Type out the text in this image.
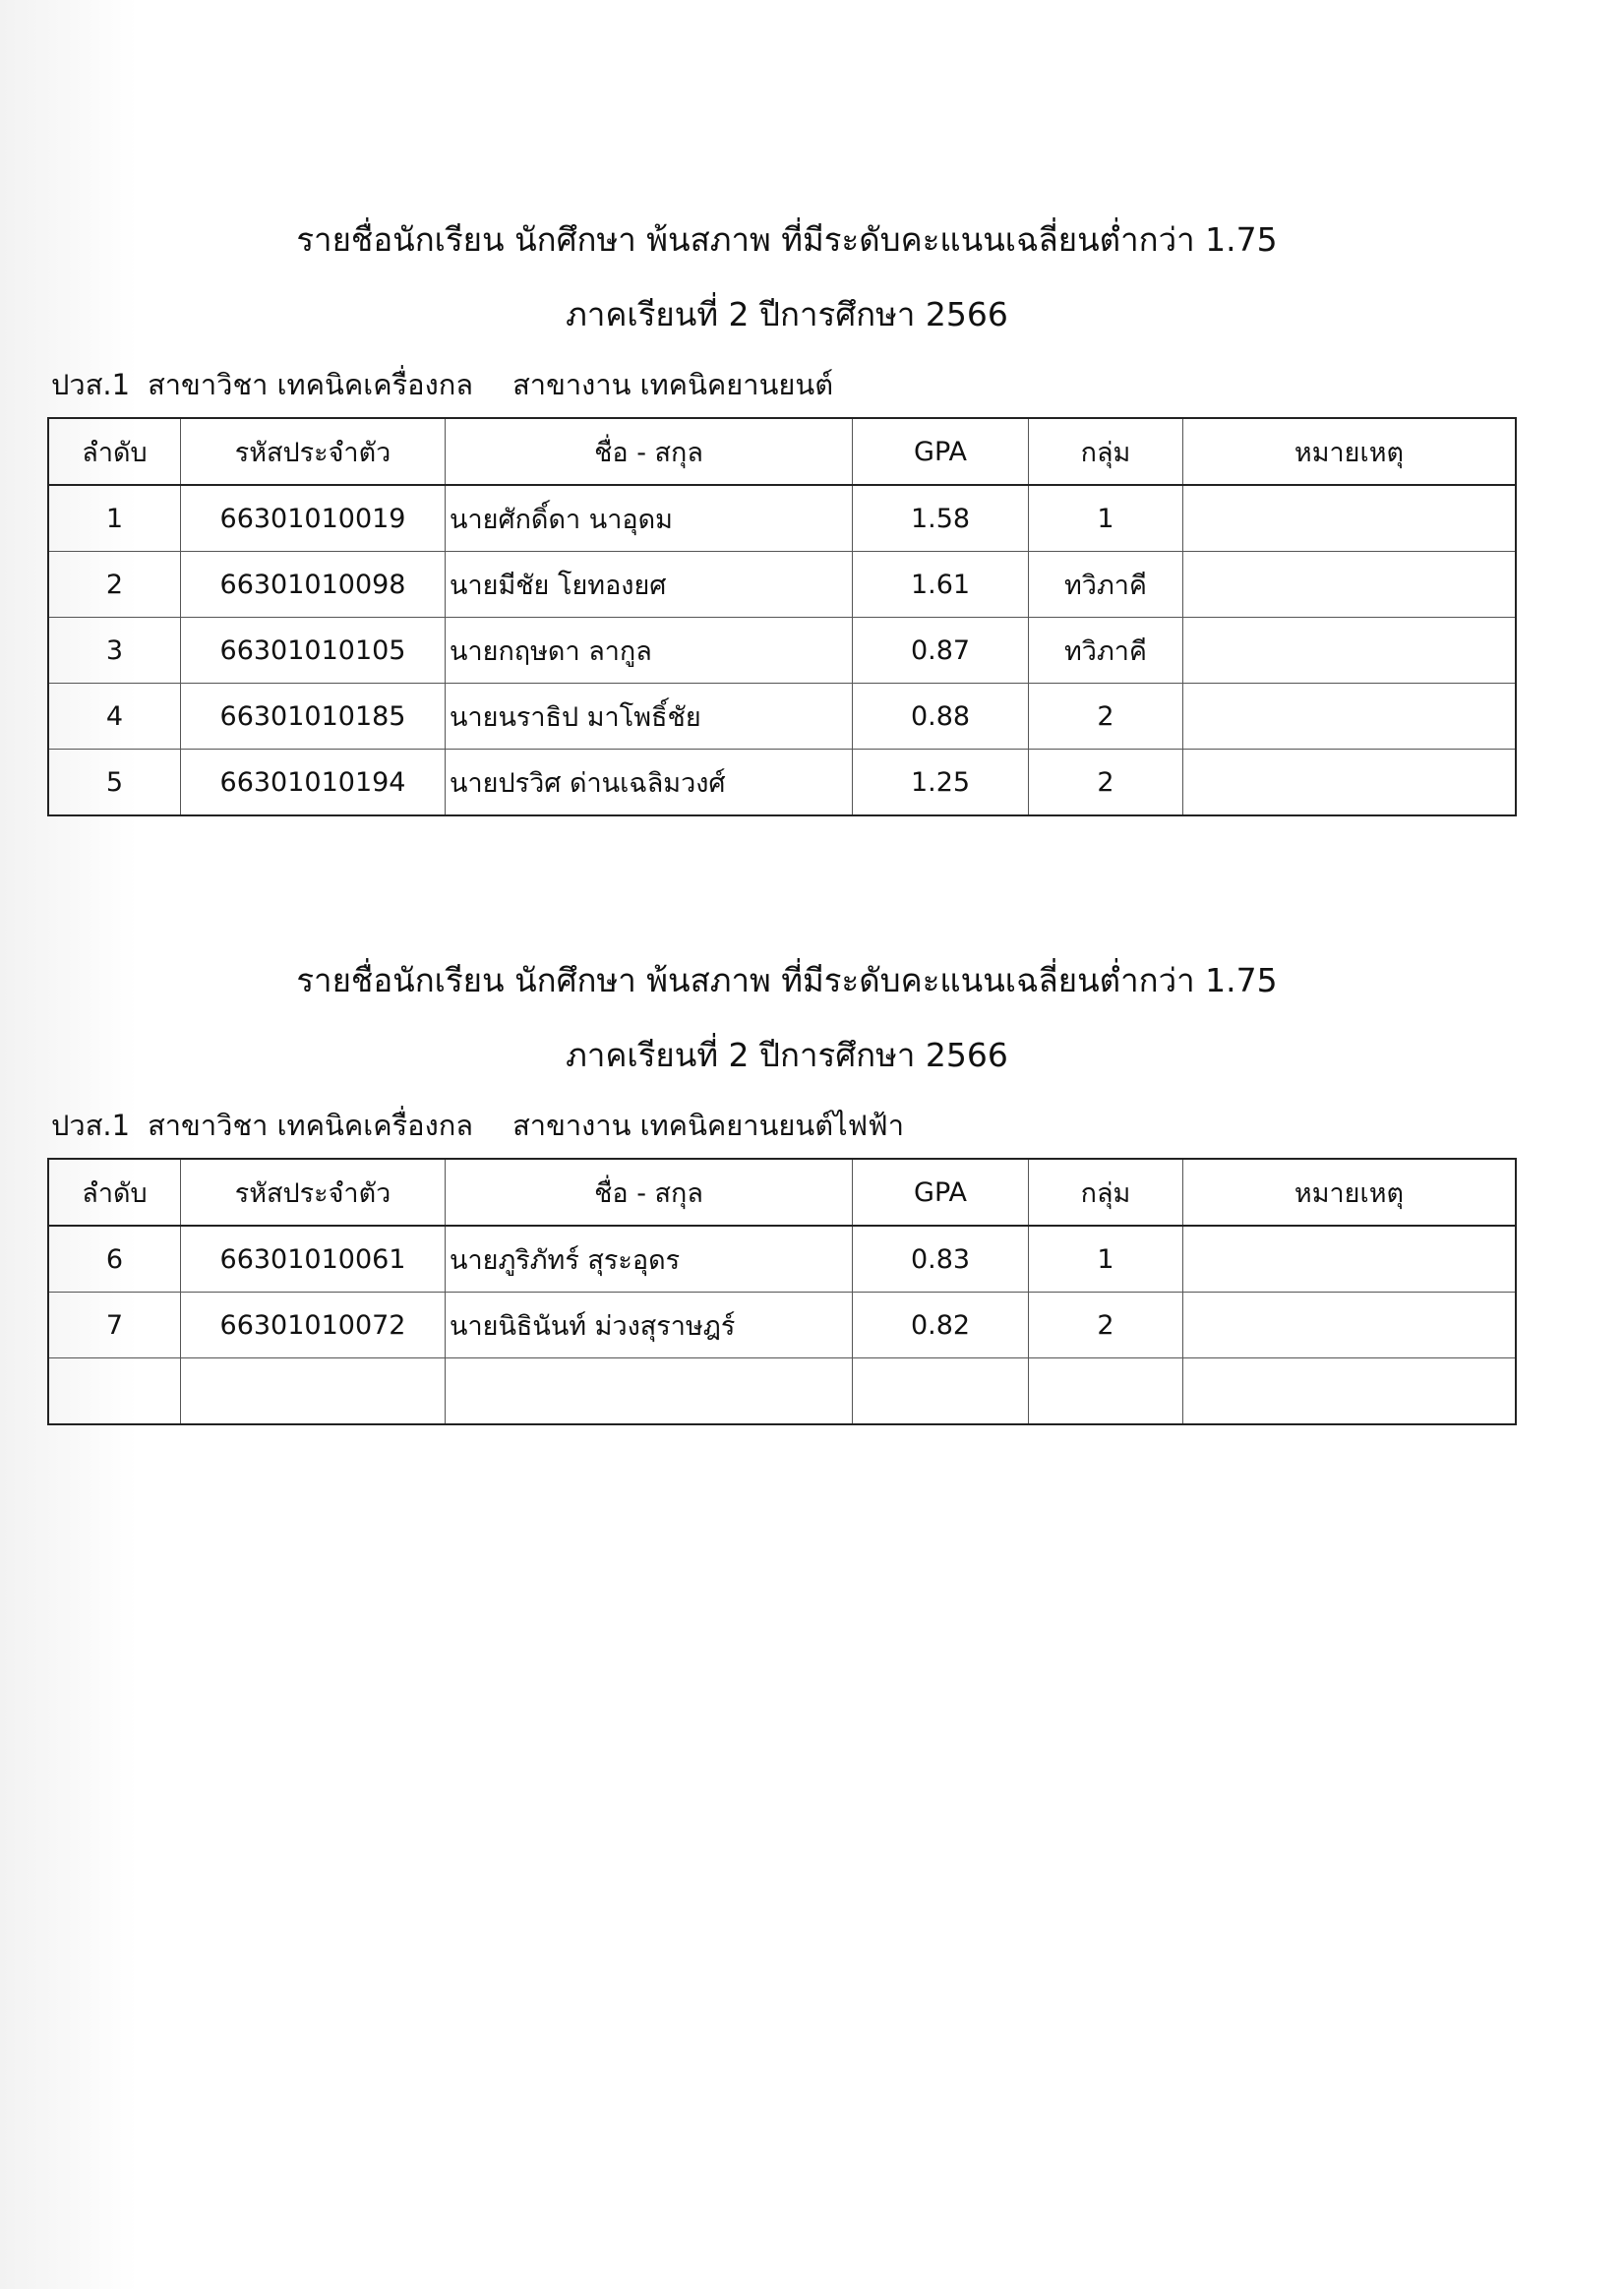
รายชื่อนักเรียน นักศึกษา พ้นสภาพ ที่มีระดับคะแนนเฉลี่ยนต่ำกว่า 1.75
ภาคเรียนที่ 2 ปีการศึกษา 2566
ปวส.1 สาขาวิชา เทคนิคเครื่องกล สาขางาน เทคนิคยานยนต์
ลำดับ	รหัสประจำตัว	ชื่อ - สกุล	GPA	กลุ่ม	หมายเหตุ
1	66301010019	นายศักดิ์ดา นาอุดม	1.58	1	
2	66301010098	นายมีชัย โยทองยศ	1.61	ทวิภาคี	
3	66301010105	นายกฤษดา ลากูล	0.87	ทวิภาคี	
4	66301010185	นายนราธิป มาโพธิ์ชัย	0.88	2	
5	66301010194	นายปรวิศ ด่านเฉลิมวงศ์	1.25	2	
รายชื่อนักเรียน นักศึกษา พ้นสภาพ ที่มีระดับคะแนนเฉลี่ยนต่ำกว่า 1.75
ภาคเรียนที่ 2 ปีการศึกษา 2566
ปวส.1 สาขาวิชา เทคนิคเครื่องกล สาขางาน เทคนิคยานยนต์ไฟฟ้า
ลำดับ	รหัสประจำตัว	ชื่อ - สกุล	GPA	กลุ่ม	หมายเหตุ
6	66301010061	นายภูริภัทร์ สุระอุดร	0.83	1	
7	66301010072	นายนิธินันท์ ม่วงสุราษฎร์	0.82	2	
